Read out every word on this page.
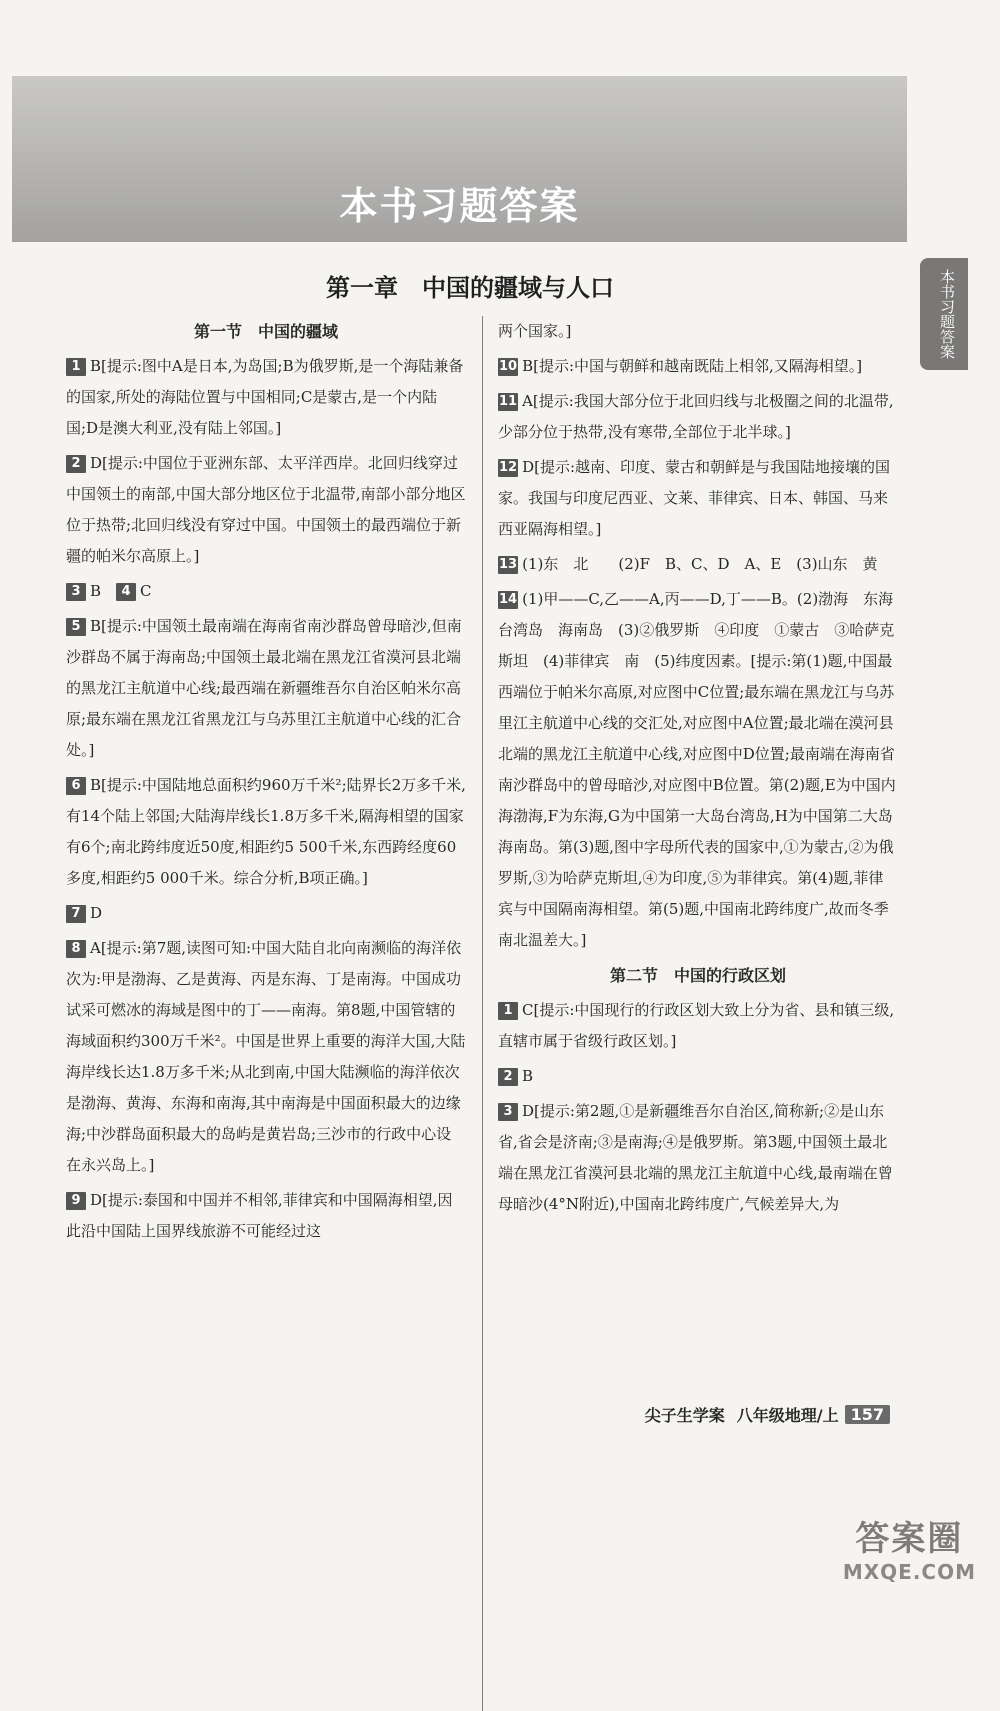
本书习题答案
本书习题答案
第一章　中国的疆域与人口
第一节　中国的疆域
1 B[提示:图中A是日本,为岛国;B为俄罗斯,是一个海陆兼备的国家,所处的海陆位置与中国相同;C是蒙古,是一个内陆国;D是澳大利亚,没有陆上邻国。]
2 D[提示:中国位于亚洲东部、太平洋西岸。北回归线穿过中国领土的南部,中国大部分地区位于北温带,南部小部分地区位于热带;北回归线没有穿过中国。中国领土的最西端位于新疆的帕米尔高原上。]
3 B　 4 C
5 B[提示:中国领土最南端在海南省南沙群岛曾母暗沙,但南沙群岛不属于海南岛;中国领土最北端在黑龙江省漠河县北端的黑龙江主航道中心线;最西端在新疆维吾尔自治区帕米尔高原;最东端在黑龙江省黑龙江与乌苏里江主航道中心线的汇合处。]
6 B[提示:中国陆地总面积约960万千米²;陆界长2万多千米,有14个陆上邻国;大陆海岸线长1.8万多千米,隔海相望的国家有6个;南北跨纬度近50度,相距约5 500千米,东西跨经度60多度,相距约5 000千米。综合分析,B项正确。]
7 D
8 A[提示:第7题,读图可知:中国大陆自北向南濒临的海洋依次为:甲是渤海、乙是黄海、丙是东海、丁是南海。中国成功试采可燃冰的海域是图中的丁——南海。第8题,中国管辖的海域面积约300万千米²。中国是世界上重要的海洋大国,大陆海岸线长达1.8万多千米;从北到南,中国大陆濒临的海洋依次是渤海、黄海、东海和南海,其中南海是中国面积最大的边缘海;中沙群岛面积最大的岛屿是黄岩岛;三沙市的行政中心设在永兴岛上。]
9 D[提示:泰国和中国并不相邻,菲律宾和中国隔海相望,因此沿中国陆上国界线旅游不可能经过这
两个国家。]
10 B[提示:中国与朝鲜和越南既陆上相邻,又隔海相望。]
11 A[提示:我国大部分位于北回归线与北极圈之间的北温带,少部分位于热带,没有寒带,全部位于北半球。]
12 D[提示:越南、印度、蒙古和朝鲜是与我国陆地接壤的国家。我国与印度尼西亚、文莱、菲律宾、日本、韩国、马来西亚隔海相望。]
13 (1)东　北　　(2)F　B、C、D　A、E　(3)山东　黄
14 (1)甲——C,乙——A,丙——D,丁——B。(2)渤海　东海　台湾岛　海南岛　(3)②俄罗斯　④印度　①蒙古　③哈萨克斯坦　(4)菲律宾　南　(5)纬度因素。[提示:第(1)题,中国最西端位于帕米尔高原,对应图中C位置;最东端在黑龙江与乌苏里江主航道中心线的交汇处,对应图中A位置;最北端在漠河县北端的黑龙江主航道中心线,对应图中D位置;最南端在海南省南沙群岛中的曾母暗沙,对应图中B位置。第(2)题,E为中国内海渤海,F为东海,G为中国第一大岛台湾岛,H为中国第二大岛海南岛。第(3)题,图中字母所代表的国家中,①为蒙古,②为俄罗斯,③为哈萨克斯坦,④为印度,⑤为菲律宾。第(4)题,菲律宾与中国隔南海相望。第(5)题,中国南北跨纬度广,故而冬季南北温差大。]
第二节　中国的行政区划
1 C[提示:中国现行的行政区划大致上分为省、县和镇三级,直辖市属于省级行政区划。]
2 B
3 D[提示:第2题,①是新疆维吾尔自治区,简称新;②是山东省,省会是济南;③是南海;④是俄罗斯。第3题,中国领土最北端在黑龙江省漠河县北端的黑龙江主航道中心线,最南端在曾母暗沙(4°N附近),中国南北跨纬度广,气候差异大,为
尖子生学案 八年级地理/上 157
答案圈
MXQE.COM
